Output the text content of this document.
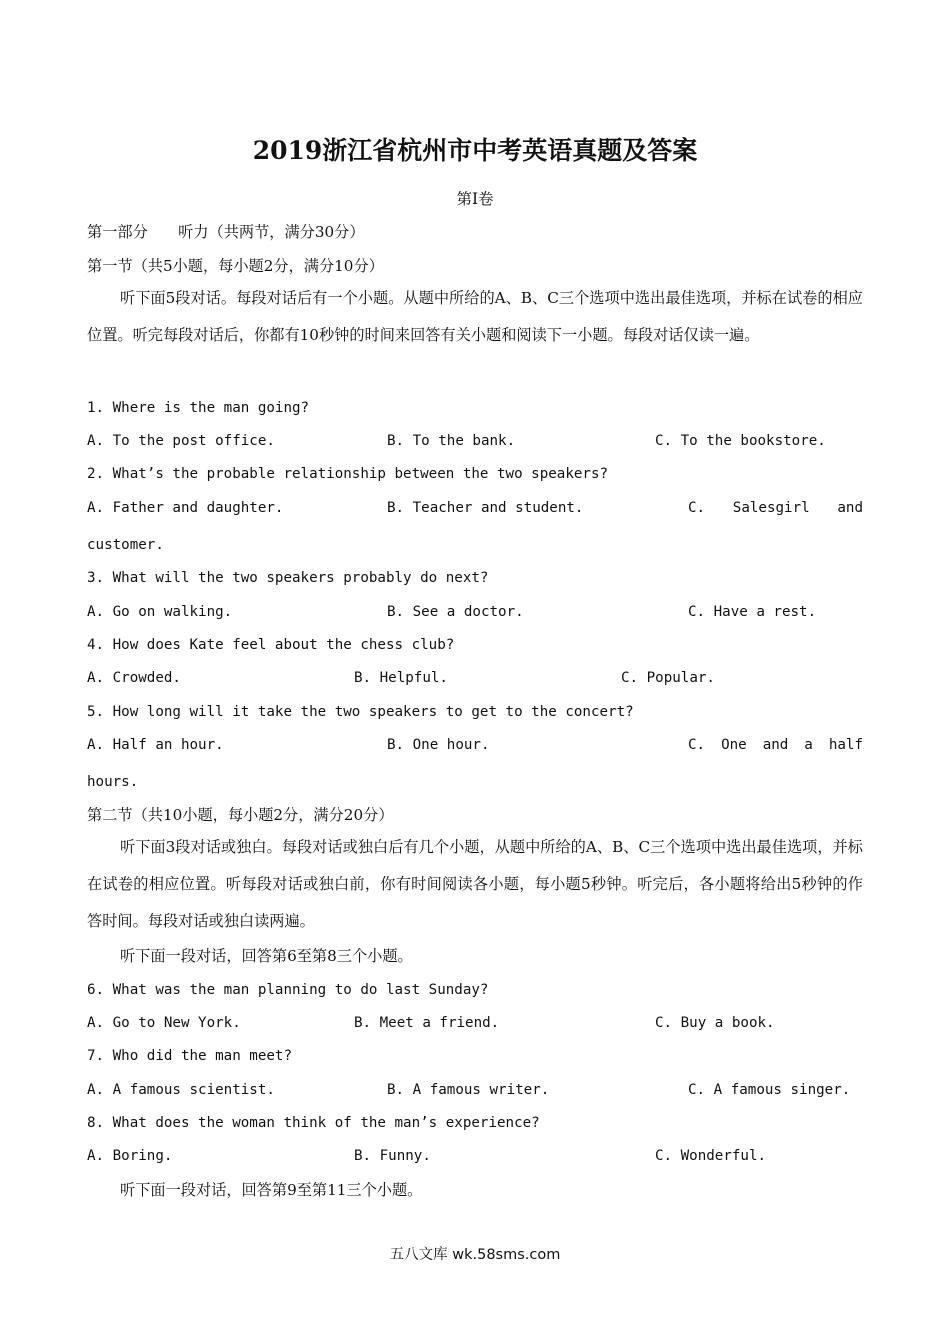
2019浙江省杭州市中考英语真题及答案
第Ⅰ卷
第一部分　　听力（共两节，满分30分）
第一节（共5小题，每小题2分，满分10分）
听下面5段对话。每段对话后有一个小题。从题中所给的A、B、C三个选项中选出最佳选项，并标在试卷的相应位置。听完每段对话后，你都有10秒钟的时间来回答有关小题和阅读下一小题。每段对话仅读一遍。
1. Where is the man going?
A. To the post office.	B. To the bank.	C. To the bookstore.
2. What’s the probable relationship between the two speakers?
A. Father and daughter.	B. Teacher and student.	C. Salesgirl and
customer.
3. What will the two speakers probably do next?
A. Go on walking.	B. See a doctor.	C. Have a rest.
4. How does Kate feel about the chess club?
A. Crowded.	B. Helpful.	C. Popular.
5. How long will it take the two speakers to get to the concert?
A. Half an hour.	B. One hour.	C. One and a half
hours.
第二节（共10小题，每小题2分，满分20分）
听下面3段对话或独白。每段对话或独白后有几个小题，从题中所给的A、B、C三个选项中选出最佳选项，并标在试卷的相应位置。听每段对话或独白前，你有时间阅读各小题，每小题5秒钟。听完后，各小题将给出5秒钟的作答时间。每段对话或独白读两遍。
听下面一段对话，回答第6至第8三个小题。
6. What was the man planning to do last Sunday?
A. Go to New York.	B. Meet a friend.	C. Buy a book.
7. Who did the man meet?
A. A famous scientist.	B. A famous writer.	C. A famous singer.
8. What does the woman think of the man’s experience?
A. Boring.	B. Funny.	C. Wonderful.
听下面一段对话，回答第9至第11三个小题。
五八文库 wk.58sms.com
